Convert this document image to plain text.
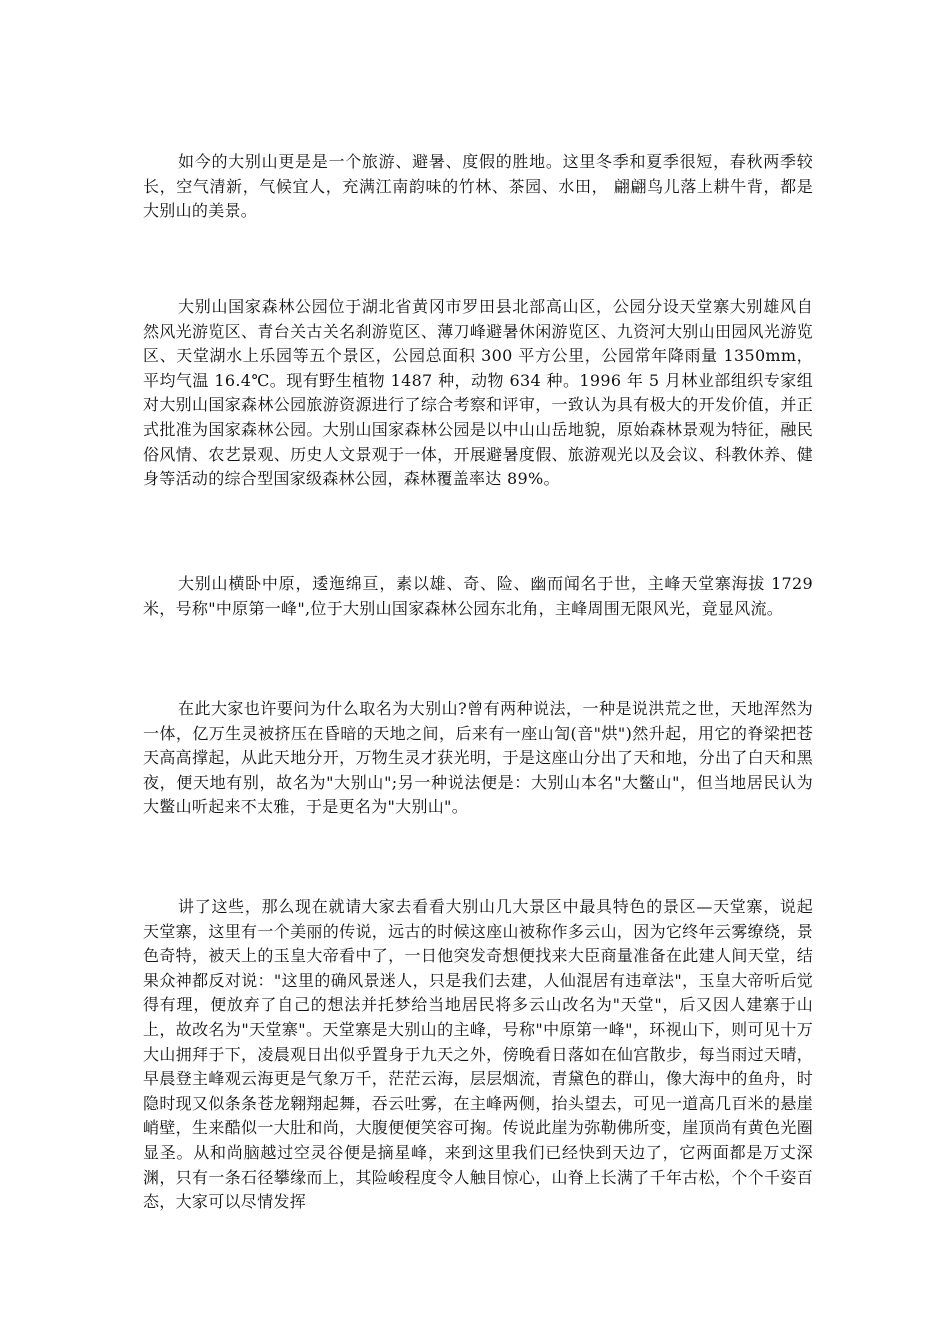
如今的大别山更是是一个旅游、避暑、度假的胜地。这里冬季和夏季很短，春秋两季较长，空气清新，气候宜人，充满江南韵味的竹林、茶园、水田， 翩翩鸟儿落上耕牛背，都是大别山的美景。

大别山国家森林公园位于湖北省黄冈市罗田县北部高山区，公园分设天堂寨大别雄风自然风光游览区、青台关古关名刹游览区、薄刀峰避暑休闲游览区、九资河大别山田园风光游览区、天堂湖水上乐园等五个景区，公园总面积 300 平方公里，公园常年降雨量 1350mm，平均气温 16.4℃。现有野生植物 1487 种，动物 634 种。1996 年 5 月林业部组织专家组对大别山国家森林公园旅游资源进行了综合考察和评审，一致认为具有极大的开发价值，并正式批准为国家森林公园。大别山国家森林公园是以中山山岳地貌，原始森林景观为特征，融民俗风情、农艺景观、历史人文景观于一体，开展避暑度假、旅游观光以及会议、科教休养、健身等活动的综合型国家级森林公园，森林覆盖率达 89%。

大别山横卧中原，逶迤绵亘，素以雄、奇、险、幽而闻名于世，主峰天堂寨海拔 1729 米，号称"中原第一峰",位于大别山国家森林公园东北角，主峰周围无限风光，竟显风流。

在此大家也许要问为什么取名为大别山?曾有两种说法，一种是说洪荒之世，天地浑然为一体，亿万生灵被挤压在昏暗的天地之间，后来有一座山訇(音"烘")然升起，用它的脊梁把苍天高高撑起，从此天地分开，万物生灵才获光明，于是这座山分出了天和地，分出了白天和黑夜，便天地有别，故名为"大别山";另一种说法便是：大别山本名"大鳖山"，但当地居民认为大鳖山听起来不太雅，于是更名为"大别山"。

讲了这些，那么现在就请大家去看看大别山几大景区中最具特色的景区—天堂寨，说起天堂寨，这里有一个美丽的传说，远古的时候这座山被称作多云山，因为它终年云雾缭绕，景色奇特，被天上的玉皇大帝看中了，一日他突发奇想便找来大臣商量准备在此建人间天堂，结果众神都反对说："这里的确风景迷人，只是我们去建，人仙混居有违章法"，玉皇大帝听后觉得有理，便放弃了自己的想法并托梦给当地居民将多云山改名为"天堂"，后又因人建寨于山上，故改名为"天堂寨"。天堂寨是大别山的主峰，号称"中原第一峰"，环视山下，则可见十万大山拥拜于下，凌晨观日出似乎置身于九天之外，傍晚看日落如在仙宫散步，每当雨过天晴，早晨登主峰观云海更是气象万千，茫茫云海，层层烟流，青黛色的群山，像大海中的鱼舟，时隐时现又似条条苍龙翱翔起舞，吞云吐雾，在主峰两侧，抬头望去，可见一道高几百米的悬崖峭壁，生来酷似一大肚和尚，大腹便便笑容可掬。传说此崖为弥勒佛所变，崖顶尚有黄色光圈显圣。从和尚脑越过空灵谷便是摘星峰，来到这里我们已经快到天边了，它两面都是万丈深渊，只有一条石径攀缘而上，其险峻程度令人触目惊心，山脊上长满了千年古松，个个千姿百态，大家可以尽情发挥
